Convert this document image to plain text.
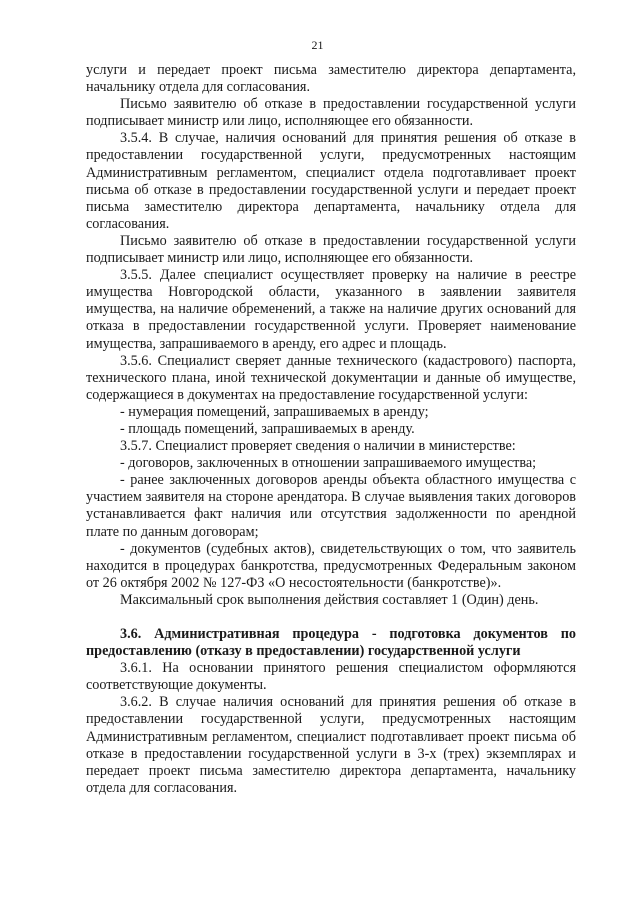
21

услуги и передает проект письма заместителю директора департамента, начальнику отдела для согласования.

Письмо заявителю об отказе в предоставлении государственной услуги подписывает министр или лицо, исполняющее его обязанности.

3.5.4. В случае, наличия оснований для принятия решения об отказе в предоставлении государственной услуги, предусмотренных настоящим Административным регламентом, специалист отдела подготавливает проект письма об отказе в предоставлении государственной услуги и передает проект письма заместителю директора департамента, начальнику отдела для согласования.

Письмо заявителю об отказе в предоставлении государственной услуги подписывает министр или лицо, исполняющее его обязанности.

3.5.5. Далее специалист осуществляет проверку на наличие в реестре имущества Новгородской области, указанного в заявлении заявителя имущества, на наличие обременений, а также на наличие других оснований для отказа в предоставлении государственной услуги. Проверяет наименование имущества, запрашиваемого в аренду, его адрес и площадь.

3.5.6. Специалист сверяет данные технического (кадастрового) паспорта, технического плана, иной технической документации и данные об имуществе, содержащиеся в документах на предоставление государственной услуги:

- нумерация помещений, запрашиваемых в аренду;

- площадь помещений, запрашиваемых в аренду.

3.5.7. Специалист проверяет сведения о наличии в министерстве:

- договоров, заключенных в отношении запрашиваемого имущества;

- ранее заключенных договоров аренды объекта областного имущества с участием заявителя на стороне арендатора. В случае выявления таких договоров устанавливается факт наличия или отсутствия задолженности по арендной плате по данным договорам;

- документов (судебных актов), свидетельствующих о том, что заявитель находится в процедурах банкротства, предусмотренных Федеральным законом от 26 октября 2002 № 127-ФЗ «О несостоятельности (банкротстве)».

Максимальный срок выполнения действия составляет 1 (Один) день.

3.6. Административная процедура - подготовка документов по предоставлению (отказу в предоставлении) государственной услуги

3.6.1. На основании принятого решения специалистом оформляются соответствующие документы.

3.6.2. В случае наличия оснований для принятия решения об отказе в предоставлении государственной услуги, предусмотренных настоящим Административным регламентом, специалист подготавливает проект письма об отказе в предоставлении государственной услуги в 3-х (трех) экземплярах и передает проект письма заместителю директора департамента, начальнику отдела для согласования.
